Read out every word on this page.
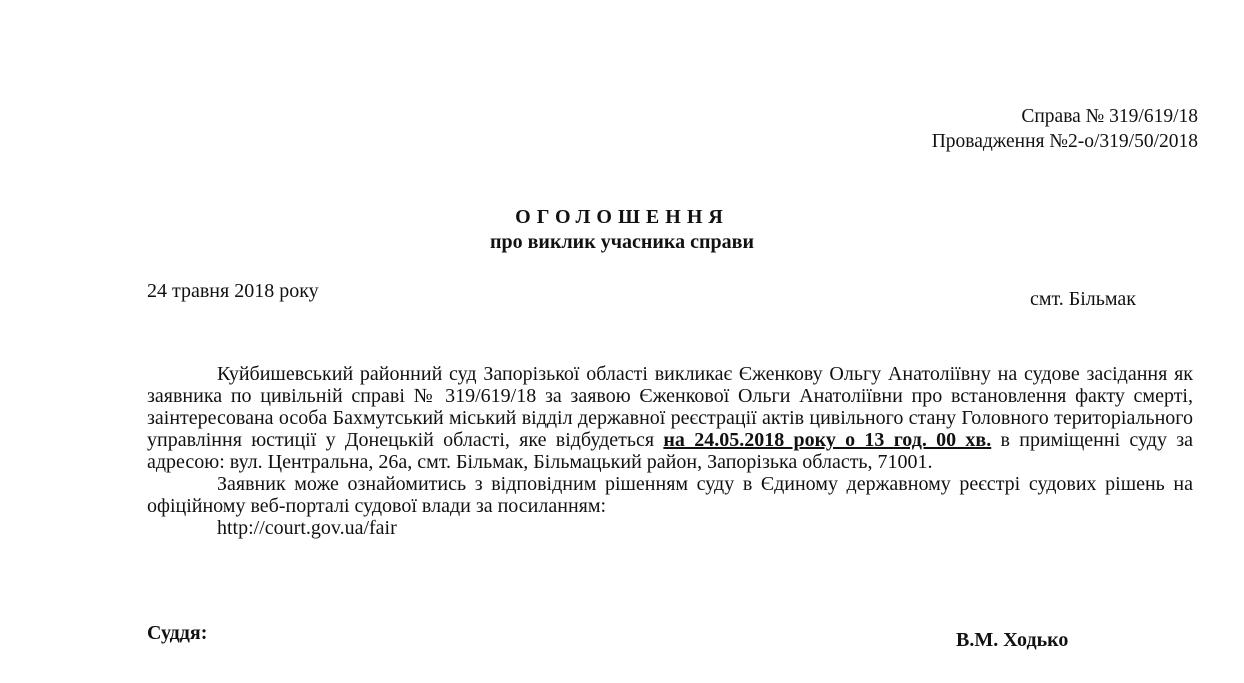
Справа № 319/619/18
Провадження №2-о/319/50/2018
ОГОЛОШЕННЯ
про виклик учасника справи
24 травня 2018 року	смт. Більмак

Куйбишевський районний суд Запорізької області викликає Єженкову Ольгу Анатоліївну на судове засідання як заявника по цивільній справі № 319/619/18 за заявою Єженкової Ольги Анатоліївни про встановлення факту смерті, заінтересована особа Бахмутський міський відділ державної реєстрації актів цивільного стану Головного територіального управління юстиції у Донецькій області, яке відбудеться на 24.05.2018 року о 13 год. 00 хв. в приміщенні суду за адресою: вул. Центральна, 26а, смт. Більмак, Більмацький район, Запорізька область, 71001.

Заявник може ознайомитись з відповідним рішенням суду в Єдиному державному реєстрі судових рішень на офіційному веб-порталі судової влади за посиланням:

http://court.gov.ua/fair

Суддя:	В.М. Ходько
